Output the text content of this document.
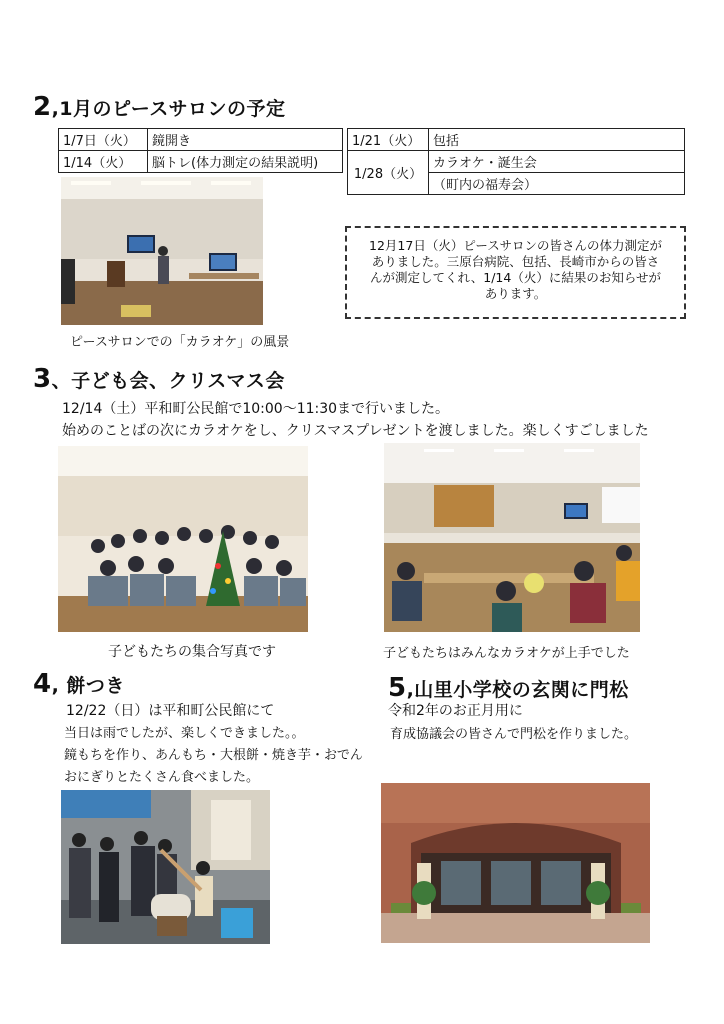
2,1月のピースサロンの予定
1/7日（火）	鏡開き
1/14（火）	脳トレ(体力測定の結果説明)
1/21（火）	包括
1/28（火）	カラオケ・誕生会
	（町内の福寿会）
ピースサロンでの「カラオケ」の風景
12月17日（火）ピースサロンの皆さんの体力測定が
ありました。三原台病院、包括、長崎市からの皆さ
んが測定してくれ、1/14（火）に結果のお知らせが
あります。
3、子ども会、クリスマス会
12/14（土）平和町公民館で10:00～11:30まで行いました。
始めのことばの次にカラオケをし、クリスマスプレゼントを渡しました。楽しくすごしました
子どもたちの集合写真です	子どもたちはみんなカラオケが上手でした
4, 餅つき
12/22（日）は平和町公民館にて
当日は雨でしたが、楽しくできました。。
鏡もちを作り、あんもち・大根餅・焼き芋・おでん
おにぎりとたくさん食べました。
5,山里小学校の玄関に門松
令和2年のお正月用に
育成協議会の皆さんで門松を作りました。
